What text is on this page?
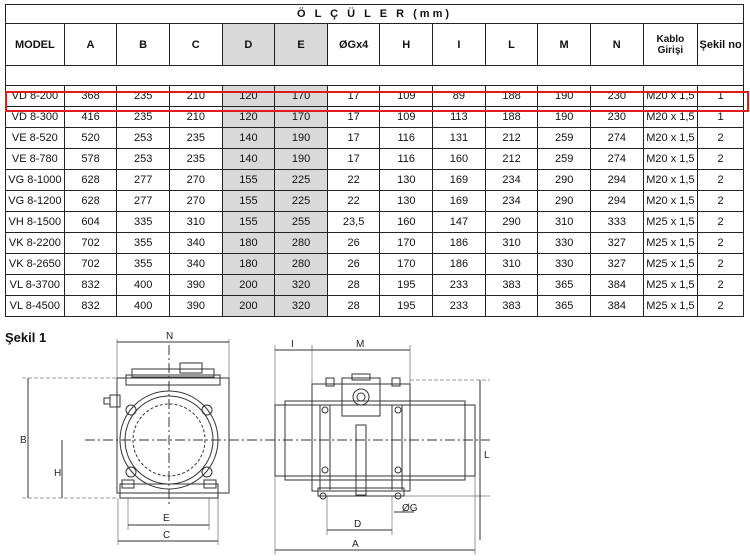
Ö L Ç Ü L E R (mm)													
MODEL	A	B	C	D	E	ØGx4	H	I	L	M	N	Kablo Girişi	Şekil no

VD 8-200	368	235	210	120	170	17	109	89	188	190	230	M20 x 1,5	1
VD 8-300	416	235	210	120	170	17	109	113	188	190	230	M20 x 1,5	1
VE 8-520	520	253	235	140	190	17	116	131	212	259	274	M20 x 1,5	2
VE 8-780	578	253	235	140	190	17	116	160	212	259	274	M20 x 1,5	2
VG 8-1000	628	277	270	155	225	22	130	169	234	290	294	M20 x 1,5	2
VG 8-1200	628	277	270	155	225	22	130	169	234	290	294	M20 x 1,5	2
VH 8-1500	604	335	310	155	255	23,5	160	147	290	310	333	M25 x 1,5	2
VK 8-2200	702	355	340	180	280	26	170	186	310	330	327	M25 x 1,5	2
VK 8-2650	702	355	340	180	280	26	170	186	310	330	327	M25 x 1,5	2
VL 8-3700	832	400	390	200	320	28	195	233	383	365	384	M25 x 1,5	2
VL 8-4500	832	400	390	200	320	28	195	233	383	365	384	M25 x 1,5	2
Şekil 1	N
B
H
E
C
I	M
L
D
ØG
A
